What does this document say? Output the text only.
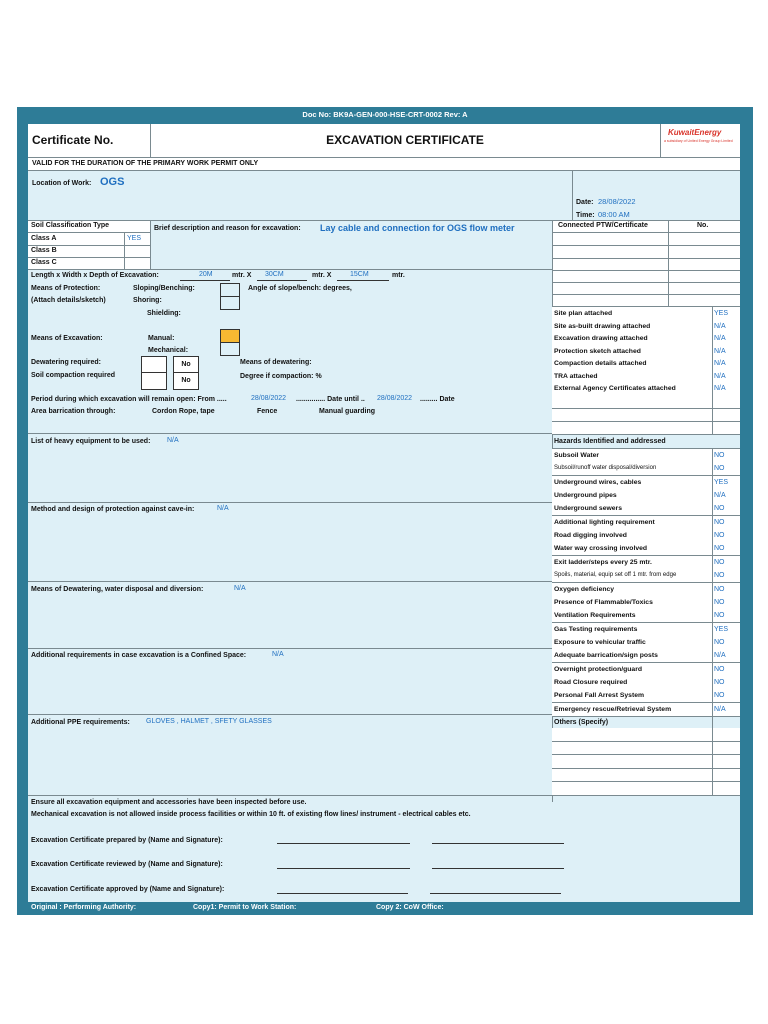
Doc No: BK9A-GEN-000-HSE-CRT-0002 Rev: A
Certificate No.	EXCAVATION CERTIFICATE
KuwaitEnergy
a subsidiary of United Energy Group Limited
VALID FOR THE DURATION OF THE PRIMARY WORK PERMIT ONLY
Location of Work: OGS
Date: 28/08/2022
Time: 08:00 AM
Soil Classification Type
Class A	YES
Class B
Class C
Brief description and reason for excavation: Lay cable and connection for OGS flow meter	Connected PTW/Certificate	No.
Length x Width x Depth of Excavation:	20M	mtr. X 30CM	mtr. X	15CM	mtr.
Means of Protection:
(Attach details/sketch)
Sloping/Benching:	Angle of slope/bench: degrees,
Shoring:
Shielding:
Means of Excavation:	Manual:
Mechanical:
Dewatering required:	No	Means of dewatering:
Soil compaction required
No
Degree if compaction: %
Period during which excavation will remain open: From .....	28/08/2022 ............... Date until .. 28/08/2022 ......... Date
Area barrication through:	Cordon Rope, tape	Fence	Manual guarding
List of heavy equipment to be used: N/A
Method and design of protection against cave-in:	N/A
Means of Dewatering, water disposal and diversion:	N/A
Additional requirements in case excavation is a Confined Space:	N/A
Additional PPE requirements: GLOVES , HALMET , SFETY GLASSES
Site plan attached	YES
Site as-built drawing attached	N/A
Excavation drawing attached	N/A
Protection sketch attached	N/A
Compaction details attached	N/A
TRA attached	N/A
External Agency Certificates attached	N/A
Hazards Identified and addressed
Subsoil Water	NO
Subsoil/runoff water disposal/diversion	NO
Underground wires, cables	YES
Underground pipes	N/A
Underground sewers	NO
Additional lighting requirement	NO
Road digging involved	NO
Water way crossing involved	NO
Exit ladder/steps every 25 mtr.	NO
Spoils, material, equip set off 1 mtr. from edge	NO
Oxygen deficiency	NO
Presence of Flammable/Toxics	NO
Ventilation Requirements	NO
Gas Testing requirements	YES
Exposure to vehicular traffic	NO
Adequate barrication/sign posts	N/A
Overnight protection/guard	NO
Road Closure required	NO
Personal Fall Arrest System	NO
Emergency rescue/Retrieval System	N/A
Others (Specify)
Ensure all excavation equipment and accessories have been inspected before use.
Mechanical excavation is not allowed inside process facilities or within 10 ft. of existing flow lines/ instrument - electrical cables etc.
Excavation Certificate prepared by (Name and Signature):
Excavation Certificate reviewed by (Name and Signature):
Excavation Certificate approved by (Name and Signature):
Original : Performing Authority:	Copy1: Permit to Work Station:	Copy 2: CoW Office:
